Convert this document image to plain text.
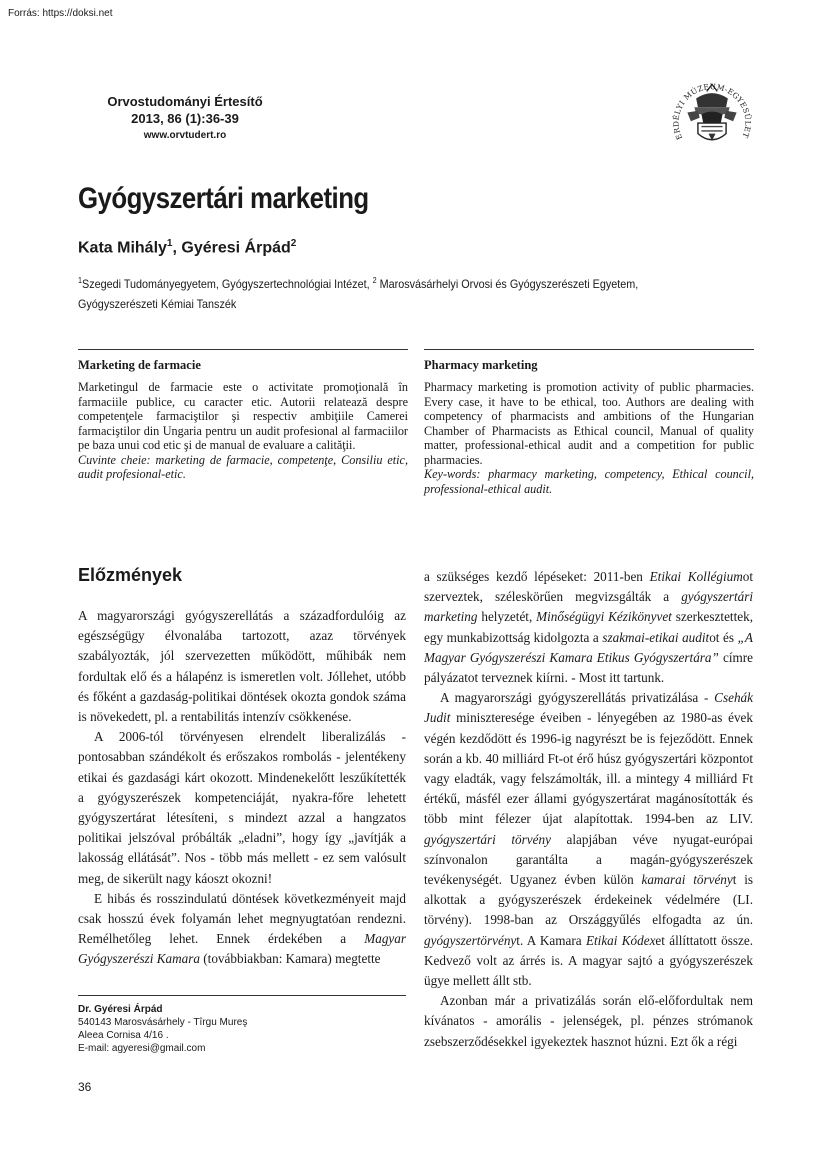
Forrás: https://doksi.net
Orvostudományi Értesítő
2013, 86 (1):36-39
www.orvtudert.ro	ERDÉLYI MÚZEUM-EGYESÜLET
Gyógyszertári marketing
Kata Mihály$^1$, Gyéresi Árpád$^2$
$^1$Szegedi Tudományegyetem, Gyógyszertechnológiai Intézet, $^2$ Marosvásárhelyi Orvosi és Gyógyszerészeti Egyetem, Gyógyszerészeti Kémiai Tanszék
Marketing de farmacie

Marketingul de farmacie este o activitate promoţională în farmaciile publice, cu caracter etic. Autorii relatează despre competenţele farmaciştilor şi respectiv ambiţiile Camerei farmaciştilor din Ungaria pentru un audit profesional al farmaciilor pe baza unui cod etic şi de manual de evaluare a calităţii.

Cuvinte cheie: marketing de farmacie, competenţe, Consiliu etic, audit profesional-etic.

Pharmacy marketing

Pharmacy marketing is promotion activity of public pharmacies. Every case, it have to be ethical, too. Authors are dealing with competency of pharmacists and ambitions of the Hungarian Chamber of Pharmacists as Ethical council, Manual of quality matter, professional-ethical audit and a competition for public pharmacies.

Key-words: pharmacy marketing, competency, Ethical council, professional-ethical audit.

Előzmények

A magyarországi gyógyszerellátás a századfordulóig az egészségügy élvonalába tartozott, azaz törvények szabályozták, jól szervezetten működött, műhibák nem fordultak elő és a hálapénz is ismeretlen volt. Jóllehet, utóbb és főként a gazdaság-politikai döntések okozta gondok száma is növekedett, pl. a rentabilitás intenzív csökkenése.

A 2006-tól törvényesen elrendelt liberalizálás - pontosabban szándékolt és erőszakos rombolás - jelentékeny etikai és gazdasági kárt okozott. Mindenekelőtt leszűkítették a gyógyszerészek kompetenciáját, nyakra-főre lehetett gyógyszertárat létesíteni, s mindezt azzal a hangzatos politikai jelszóval próbálták „eladni”, hogy így „javítják a lakosság ellátását”. Nos - több más mellett - ez sem valósult meg, de sikerült nagy káoszt okozni!

E hibás és rosszindulatú döntések következményeit majd csak hosszú évek folyamán lehet megnyugtatóan rendezni. Remélhetőleg lehet. Ennek érdekében a Magyar Gyógyszerészi Kamara (továbbiakban: Kamara) megtette

a szükséges kezdő lépéseket: 2011-ben Etikai Kollégiumot szerveztek, széleskörűen megvizsgálták a gyógyszertári marketing helyzetét, Minőségügyi Kézikönyvet szerkesztettek, egy munkabizottság kidolgozta a szakmai-etikai auditot és „A Magyar Gyógyszerészi Kamara Etikus Gyógyszertára” címre pályázatot terveznek kiírni. - Most itt tartunk.

A magyarországi gyógyszerellátás privatizálása - Csehák Judit miniszteresége éveiben - lényegében az 1980-as évek végén kezdődött és 1996-ig nagyrészt be is fejeződött. Ennek során a kb. 40 milliárd Ft-ot érő húsz gyógyszertári központot vagy eladták, vagy felszámolták, ill. a mintegy 4 milliárd Ft értékű, másfél ezer állami gyógyszertárat magánosították és több mint félezer újat alapítottak. 1994-ben az LIV. gyógyszertári törvény alapjában véve nyugat-európai színvonalon garantálta a magán-gyógyszerészek tevékenységét. Ugyanez évben külön kamarai törvényt is alkottak a gyógyszerészek érdekeinek védelmére (LI. törvény). 1998-ban az Országgyűlés elfogadta az ún. gyógyszertörvényt. A Kamara Etikai Kódexet állíttatott össze. Kedvező volt az árrés is. A magyar sajtó a gyógyszerészek ügye mellett állt stb.

Azonban már a privatizálás során elő-előfordultak nem kívánatos - amorális - jelenségek, pl. pénzes strómanok zsebszerződésekkel igyekeztek hasznot húzni. Ezt ők a régi

Dr. Gyéresi Árpád
540143 Marosvásárhely - Tîrgu Mureş
Aleea Cornisa 4/16 .
E-mail: agyeresi@gmail.com
36
